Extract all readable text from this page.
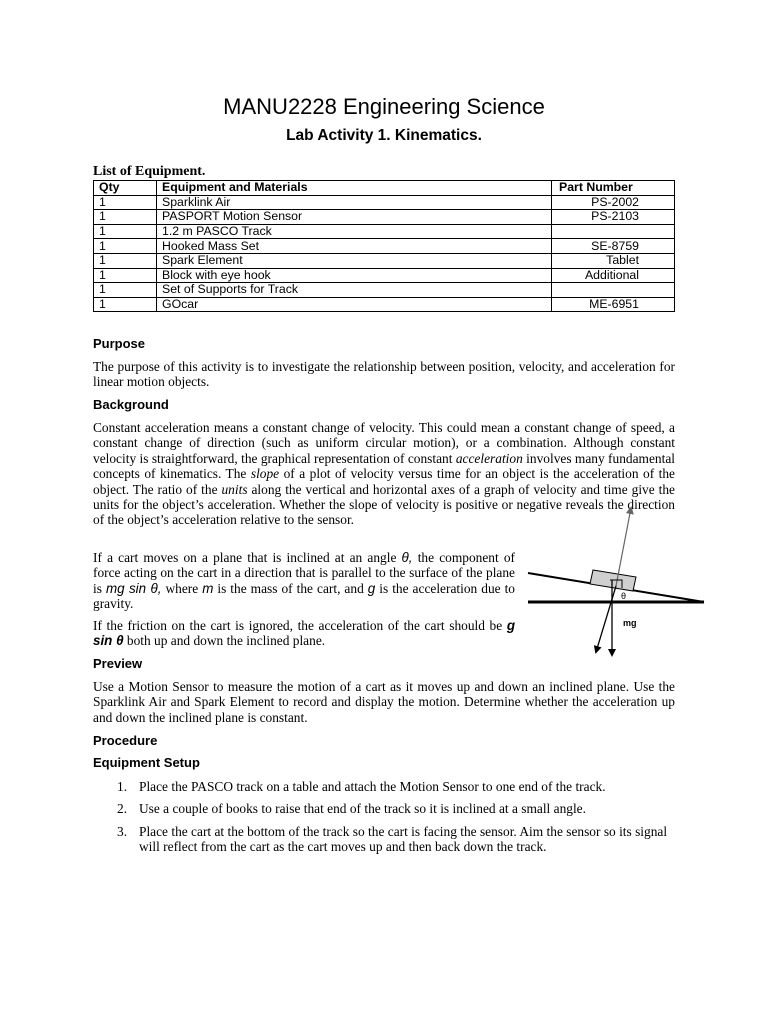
MANU2228 Engineering Science
Lab Activity 1. Kinematics.
List of Equipment.
Qty	Equipment and Materials	Part Number
1	Sparklink Air	PS-2002
1	PASPORT Motion Sensor	PS-2103
1	1.2 m PASCO Track	
1	Hooked Mass Set	SE-8759
1	Spark Element	Tablet
1	Block with eye hook	Additional
1	Set of Supports for Track	
1	GOcar	ME-6951
Purpose
The purpose of this activity is to investigate the relationship between position, velocity, and acceleration for linear motion objects.
Background
Constant acceleration means a constant change of velocity. This could mean a constant change of speed, a constant change of direction (such as uniform circular motion), or a combination. Although constant velocity is straightforward, the graphical representation of constant acceleration involves many fundamental concepts of kinematics. The slope of a plot of velocity versus time for an object is the acceleration of the object. The ratio of the units along the vertical and horizontal axes of a graph of velocity and time give the units for the object’s acceleration. Whether the slope of velocity is positive or negative reveals the direction of the object’s acceleration relative to the sensor.
If a cart moves on a plane that is inclined at an angle θ, the component of force acting on the cart in a direction that is parallel to the surface of the plane is mg sin θ, where m is the mass of the cart, and g is the acceleration due to gravity.
If the friction on the cart is ignored, the acceleration of the cart should be g sin θ both up and down the inclined plane.
Preview
Use a Motion Sensor to measure the motion of a cart as it moves up and down an inclined plane. Use the Sparklink Air and Spark Element to record and display the motion. Determine whether the acceleration up and down the inclined plane is constant.
Procedure
Equipment Setup
1. Place the PASCO track on a table and attach the Motion Sensor to one end of the track.
2. Use a couple of books to raise that end of the track so it is inclined at a small angle.
3. Place the cart at the bottom of the track so the cart is facing the sensor. Aim the sensor so its signal will reflect from the cart as the cart moves up and then back down the track.
θ
mg
